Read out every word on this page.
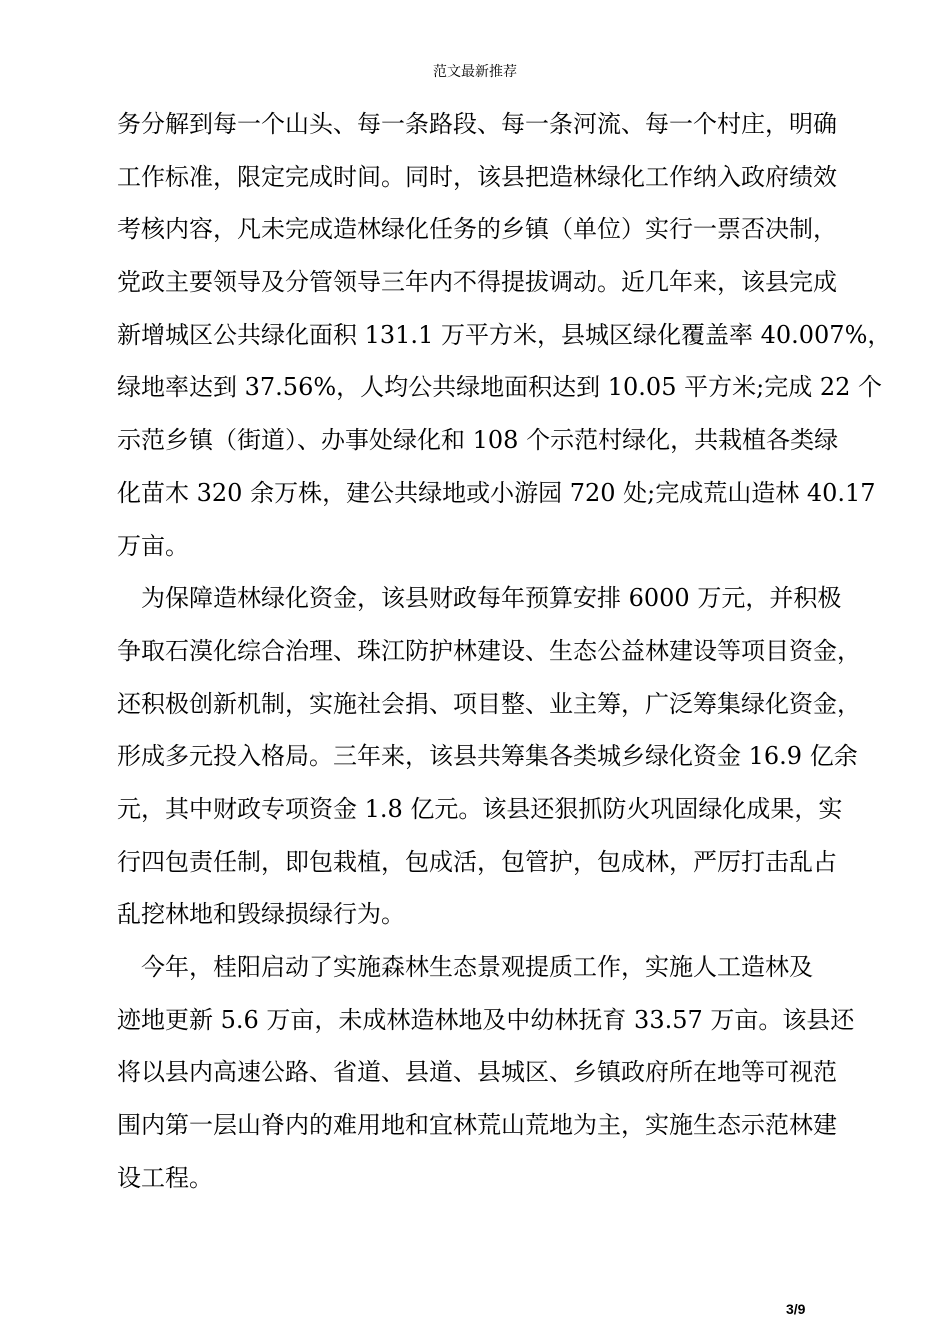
范文最新推荐
务分解到每一个山头、每一条路段、每一条河流、每一个村庄，明确
工作标准，限定完成时间。同时，该县把造林绿化工作纳入政府绩效
考核内容，凡未完成造林绿化任务的乡镇（单位）实行一票否决制，
党政主要领导及分管领导三年内不得提拔调动。近几年来，该县完成
新增城区公共绿化面积 131.1 万平方米，县城区绿化覆盖率 40.007%，
绿地率达到 37.56%，人均公共绿地面积达到 10.05 平方米;完成 22 个
示范乡镇（街道）、办事处绿化和 108 个示范村绿化，共栽植各类绿
化苗木 320 余万株，建公共绿地或小游园 720 处;完成荒山造林 40.17
万亩。
　为保障造林绿化资金，该县财政每年预算安排 6000 万元，并积极
争取石漠化综合治理、珠江防护林建设、生态公益林建设等项目资金，
还积极创新机制，实施社会捐、项目整、业主筹，广泛筹集绿化资金，
形成多元投入格局。三年来，该县共筹集各类城乡绿化资金 16.9 亿余
元，其中财政专项资金 1.8 亿元。该县还狠抓防火巩固绿化成果，实
行四包责任制，即包栽植，包成活，包管护，包成林，严厉打击乱占
乱挖林地和毁绿损绿行为。
　今年，桂阳启动了实施森林生态景观提质工作，实施人工造林及
迹地更新 5.6 万亩，未成林造林地及中幼林抚育 33.57 万亩。该县还
将以县内高速公路、省道、县道、县城区、乡镇政府所在地等可视范
围内第一层山脊内的难用地和宜林荒山荒地为主，实施生态示范林建
设工程。
3/9
